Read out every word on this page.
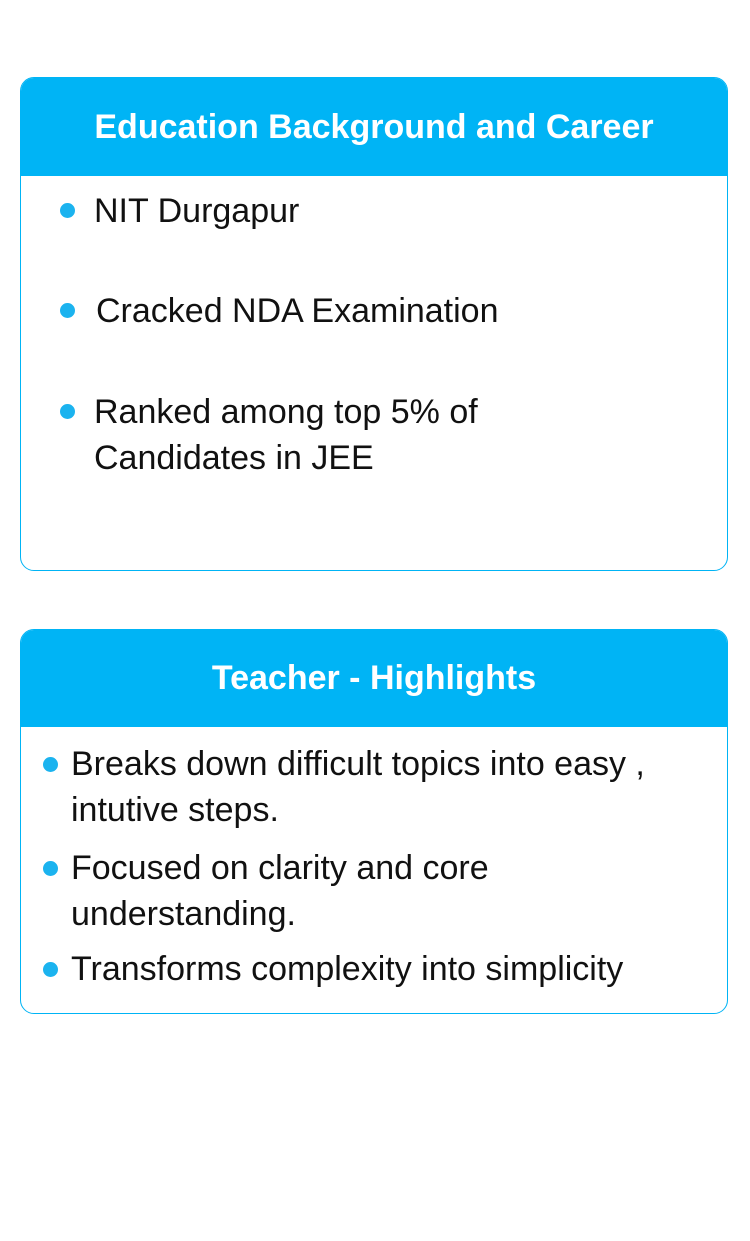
Education Background and Career
NIT Durgapur
Cracked NDA Examination
Ranked among top 5% of Candidates in JEE
Teacher - Highlights
Breaks down difficult topics into easy , intutive steps.
Focused on clarity and core understanding.
Transforms complexity into simplicity
